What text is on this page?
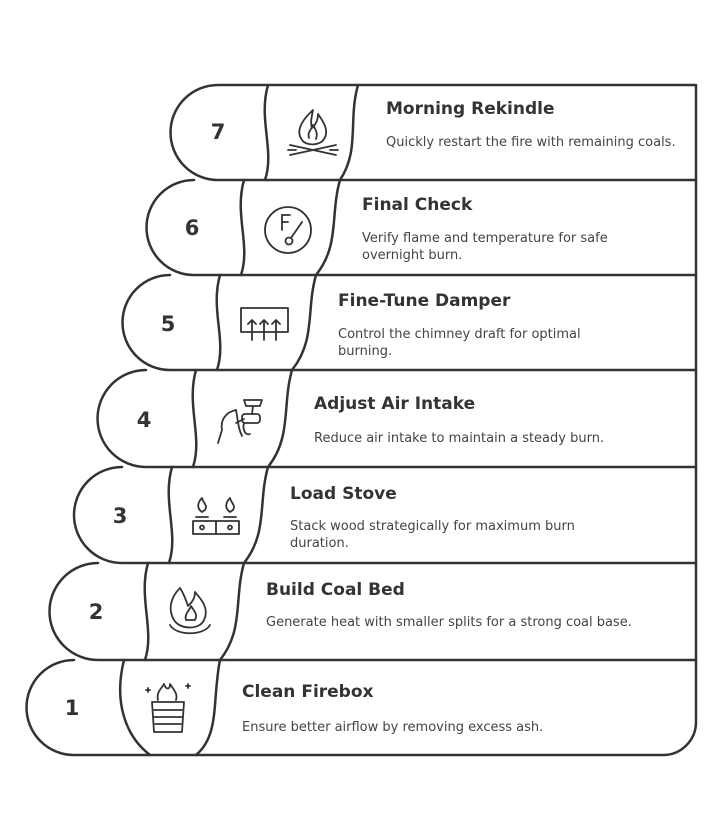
7
Morning Rekindle
Quickly restart the fire with remaining coals.
6
Final Check
Verify flame and temperature for safe overnight burn.
5
Fine-Tune Damper
Control the chimney draft for optimal burning.
4
Adjust Air Intake
Reduce air intake to maintain a steady burn.
3
Load Stove
Stack wood strategically for maximum burn duration.
2
Build Coal Bed
Generate heat with smaller splits for a strong coal base.
1
Clean Firebox
Ensure better airflow by removing excess ash.
